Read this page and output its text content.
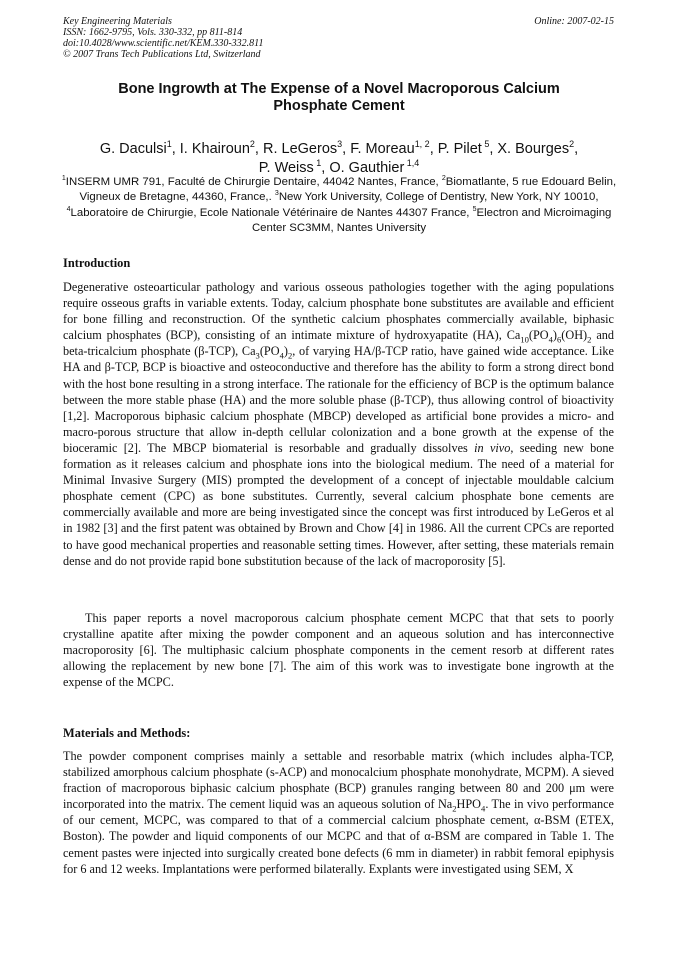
Key Engineering Materials
ISSN: 1662-9795, Vols. 330-332, pp 811-814
doi:10.4028/www.scientific.net/KEM.330-332.811
© 2007 Trans Tech Publications Ltd, Switzerland
Online: 2007-02-15
Bone Ingrowth at The Expense of a Novel Macroporous Calcium
Phosphate Cement
G. Daculsi$^1$, I. Khairoun$^2$, R. LeGeros$^3$, F. Moreau$^{1, 2}$, P. Pilet $^5$, X. Bourges$^2$,
P. Weiss $^1$, O. Gauthier $^{1,4}$
$^1$INSERM UMR 791, Faculté de Chirurgie Dentaire, 44042 Nantes, France, $^2$Biomatlante, 5 rue Edouard Belin, Vigneux de Bretagne, 44360, France,. $^3$New York University, College of Dentistry, New York, NY 10010, $^4$Laboratoire de Chirurgie, Ecole Nationale Vétérinaire de Nantes 44307 France, $^5$Electron and Microimaging Center SC3MM, Nantes University
Introduction
Degenerative osteoarticular pathology and various osseous pathologies together with the aging populations require osseous grafts in variable extents. Today, calcium phosphate bone substitutes are available and efficient for bone filling and reconstruction. Of the synthetic calcium phosphates commercially available, biphasic calcium phosphates (BCP), consisting of an intimate mixture of hydroxyapatite (HA), $Ca_{10}(PO_4)_6(OH)_2$ and beta-tricalcium phosphate (β-TCP), $Ca_3(PO_4)_2$, of varying HA/β-TCP ratio, have gained wide acceptance. Like HA and β-TCP, BCP is bioactive and osteoconductive and therefore has the ability to form a strong direct bond with the host bone resulting in a strong interface. The rationale for the efficiency of BCP is the optimum balance between the more stable phase (HA) and the more soluble phase (β-TCP), thus allowing control of bioactivity [1,2]. Macroporous biphasic calcium phosphate (MBCP) developed as artificial bone provides a micro- and macro-porous structure that allow in-depth cellular colonization and a bone growth at the expense of the bioceramic [2]. The MBCP biomaterial is resorbable and gradually dissolves in vivo, seeding new bone formation as it releases calcium and phosphate ions into the biological medium. The need of a material for Minimal Invasive Surgery (MIS) prompted the development of a concept of injectable mouldable calcium phosphate cement (CPC) as bone substitutes. Currently, several calcium phosphate bone cements are commercially available and more are being investigated since the concept was first introduced by LeGeros et al in 1982 [3] and the first patent was obtained by Brown and Chow [4] in 1986. All the current CPCs are reported to have good mechanical properties and reasonable setting times. However, after setting, these materials remain dense and do not provide rapid bone substitution because of the lack of macroporosity [5].
This paper reports a novel macroporous calcium phosphate cement MCPC that that sets to poorly crystalline apatite after mixing the powder component and an aqueous solution and has interconnective macroporosity [6]. The multiphasic calcium phosphate components in the cement resorb at different rates allowing the replacement by new bone [7]. The aim of this work was to investigate bone ingrowth at the expense of the MCPC.
Materials and Methods:
The powder component comprises mainly a settable and resorbable matrix (which includes alpha-TCP, stabilized amorphous calcium phosphate (s-ACP) and monocalcium phosphate monohydrate, MCPM). A sieved fraction of macroporous biphasic calcium phosphate (BCP) granules ranging between 80 and 200 μm were incorporated into the matrix. The cement liquid was an aqueous solution of $Na_2HPO_4$. The in vivo performance of our cement, MCPC, was compared to that of a commercial calcium phosphate cement, α-BSM (ETEX, Boston). The powder and liquid components of our MCPC and that of α-BSM are compared in Table 1. The cement pastes were injected into surgically created bone defects (6 mm in diameter) in rabbit femoral epiphysis for 6 and 12 weeks. Implantations were performed bilaterally. Explants were investigated using SEM, X
